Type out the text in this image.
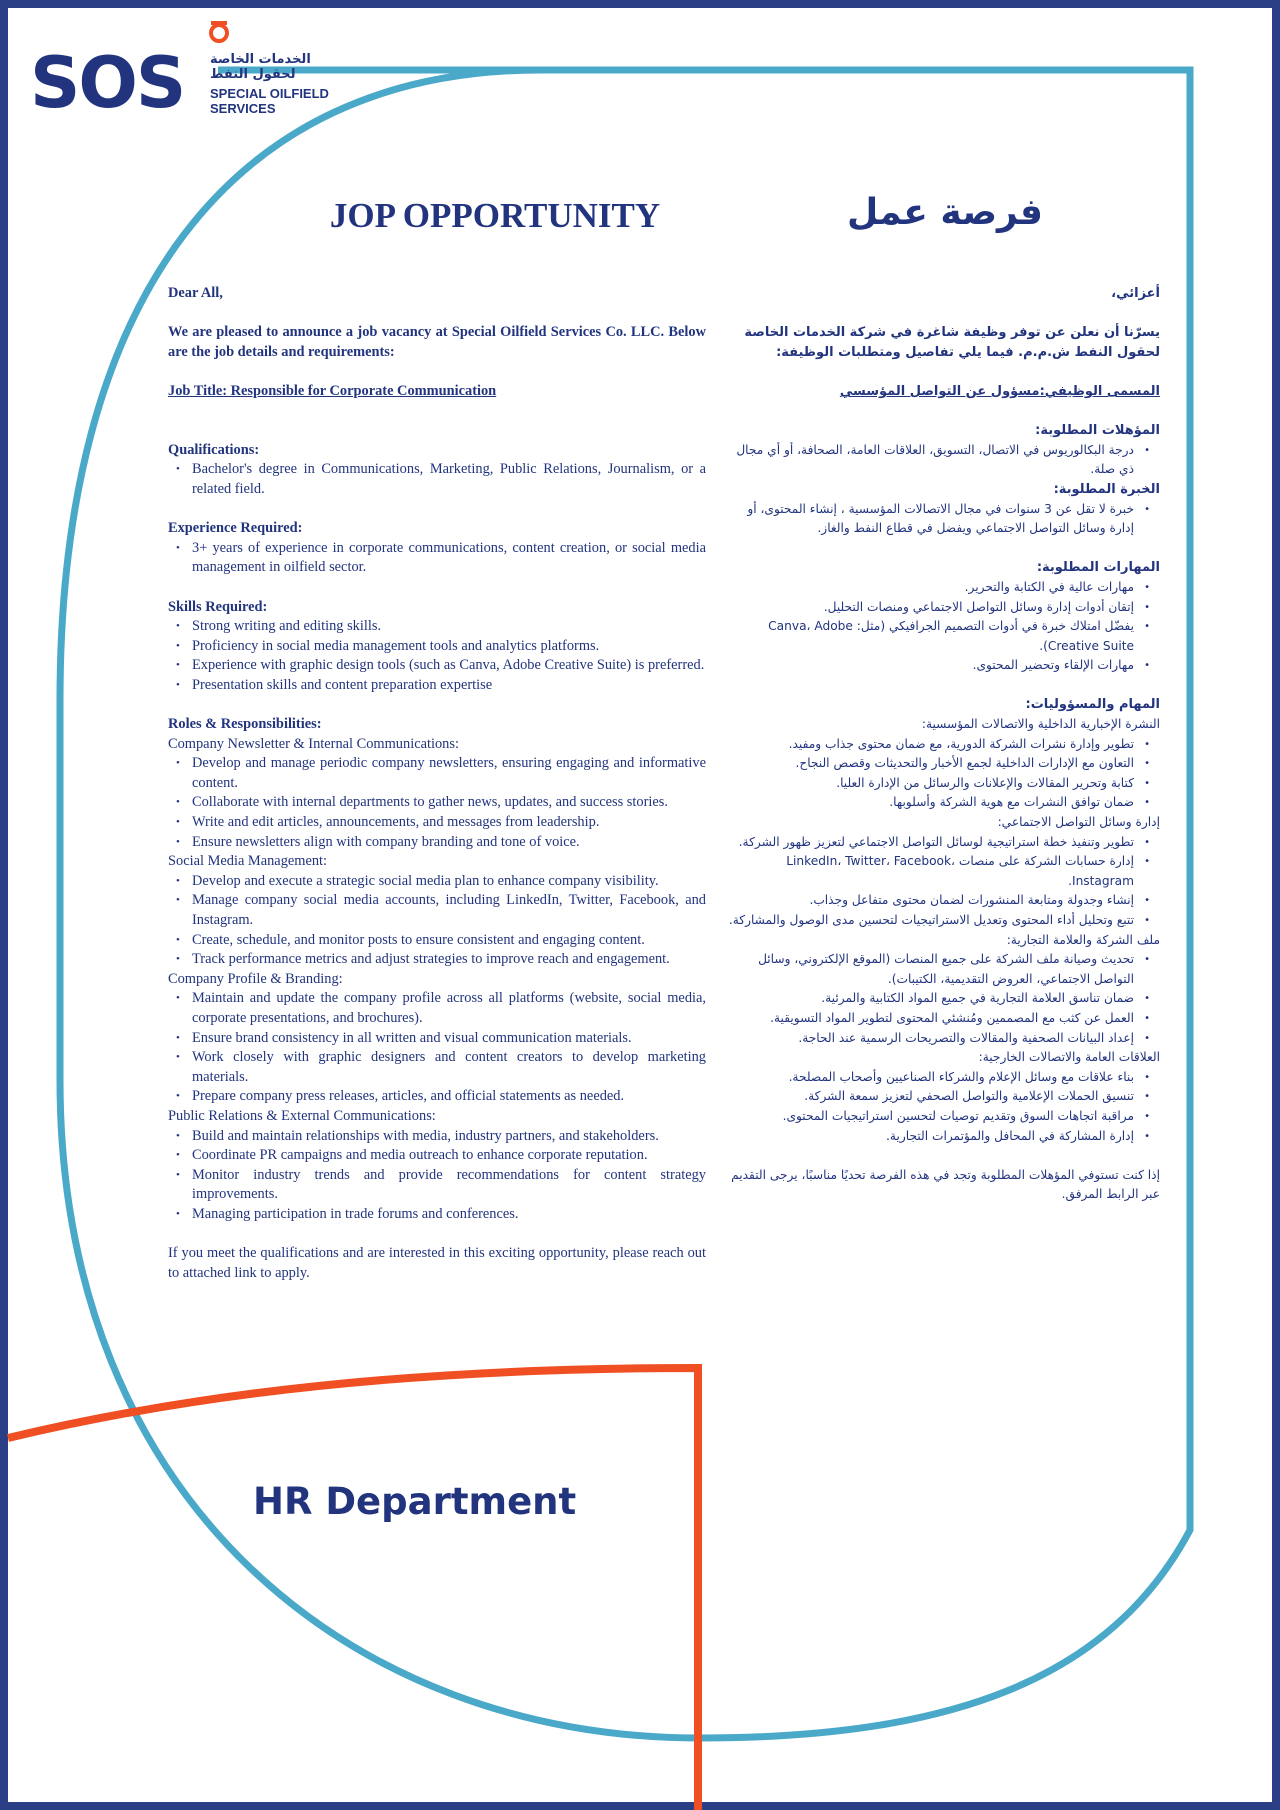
SOS الخدمات الخاصة
لحقول النفط
SPECIAL OILFIELD
SERVICES
JOP OPPORTUNITY	فرصة عمل

Dear All,

We are pleased to announce a job vacancy at Special Oilfield Services Co. LLC. Below are the job details and requirements:

Job Title: Responsible for Corporate Communication

Qualifications:

• Bachelor's degree in Communications, Marketing, Public Relations, Journalism, or a related field.

Experience Required:

• 3+ years of experience in corporate communications, content creation, or social media management in oilfield sector.

Skills Required:

• Strong writing and editing skills.
• Proficiency in social media management tools and analytics platforms.
• Experience with graphic design tools (such as Canva, Adobe Creative Suite) is preferred.
• Presentation skills and content preparation expertise

Roles & Responsibilities:

Company Newsletter & Internal Communications:

• Develop and manage periodic company newsletters, ensuring engaging and informative content.
• Collaborate with internal departments to gather news, updates, and success stories.
• Write and edit articles, announcements, and messages from leadership.
• Ensure newsletters align with company branding and tone of voice.

Social Media Management:

• Develop and execute a strategic social media plan to enhance company visibility.
• Manage company social media accounts, including LinkedIn, Twitter, Facebook, and Instagram.
• Create, schedule, and monitor posts to ensure consistent and engaging content.
• Track performance metrics and adjust strategies to improve reach and engagement.

Company Profile & Branding:

• Maintain and update the company profile across all platforms (website, social media, corporate presentations, and brochures).
• Ensure brand consistency in all written and visual communication materials.
• Work closely with graphic designers and content creators to develop marketing materials.
• Prepare company press releases, articles, and official statements as needed.

Public Relations & External Communications:

• Build and maintain relationships with media, industry partners, and stakeholders.
• Coordinate PR campaigns and media outreach to enhance corporate reputation.
• Monitor industry trends and provide recommendations for content strategy improvements.
• Managing participation in trade forums and conferences.

If you meet the qualifications and are interested in this exciting opportunity, please reach out to attached link to apply.

أعزائي،

يسرّنا أن نعلن عن توفر وظيفة شاغرة في شركة الخدمات الخاصة لحقول النفط ش.م.م. فيما يلي تفاصيل ومتطلبات الوظيفة:

المسمى الوظيفي:مسؤول عن التواصل المؤسسي

المؤهلات المطلوبة:

• درجة البكالوريوس في الاتصال، التسويق، العلاقات العامة، الصحافة، أو أي مجال ذي صلة.

الخبرة المطلوبة:

• خبرة لا تقل عن 3 سنوات في مجال الاتصالات المؤسسية ، إنشاء المحتوى، أو إدارة وسائل التواصل الاجتماعي ويفضل في قطاع النفط والغاز.

المهارات المطلوبة:

• مهارات عالية في الكتابة والتحرير.
• إتقان أدوات إدارة وسائل التواصل الاجتماعي ومنصات التحليل.
• يفضّل امتلاك خبرة في أدوات التصميم الجرافيكي (مثل: Canva، Adobe Creative Suite).
• مهارات الإلقاء وتحضير المحتوى.

المهام والمسؤوليات:

النشرة الإخبارية الداخلية والاتصالات المؤسسية:

• تطوير وإدارة نشرات الشركة الدورية، مع ضمان محتوى جذاب ومفيد.
• التعاون مع الإدارات الداخلية لجمع الأخبار والتحديثات وقصص النجاح.
• كتابة وتحرير المقالات والإعلانات والرسائل من الإدارة العليا.
• ضمان توافق النشرات مع هوية الشركة وأسلوبها.

إدارة وسائل التواصل الاجتماعي:

• تطوير وتنفيذ خطة استراتيجية لوسائل التواصل الاجتماعي لتعزيز ظهور الشركة.
• إدارة حسابات الشركة على منصات LinkedIn، Twitter، Facebook، Instagram.
• إنشاء وجدولة ومتابعة المنشورات لضمان محتوى متفاعل وجذاب.
• تتبع وتحليل أداء المحتوى وتعديل الاستراتيجيات لتحسين مدى الوصول والمشاركة.

ملف الشركة والعلامة التجارية:

• تحديث وصيانة ملف الشركة على جميع المنصات (الموقع الإلكتروني، وسائل التواصل الاجتماعي، العروض التقديمية، الكتيبات).
• ضمان تناسق العلامة التجارية في جميع المواد الكتابية والمرئية.
• العمل عن كثب مع المصممين ومُنشئي المحتوى لتطوير المواد التسويقية.
• إعداد البيانات الصحفية والمقالات والتصريحات الرسمية عند الحاجة.

العلاقات العامة والاتصالات الخارجية:

• بناء علاقات مع وسائل الإعلام والشركاء الصناعيين وأصحاب المصلحة.
• تنسيق الحملات الإعلامية والتواصل الصحفي لتعزيز سمعة الشركة.
• مراقبة اتجاهات السوق وتقديم توصيات لتحسين استراتيجيات المحتوى.
• إدارة المشاركة في المحافل والمؤتمرات التجارية.

إذا كنت تستوفي المؤهلات المطلوبة وتجد في هذه الفرصة تحديًا مناسبًا، يرجى التقديم عبر الرابط المرفق.

HR Department
